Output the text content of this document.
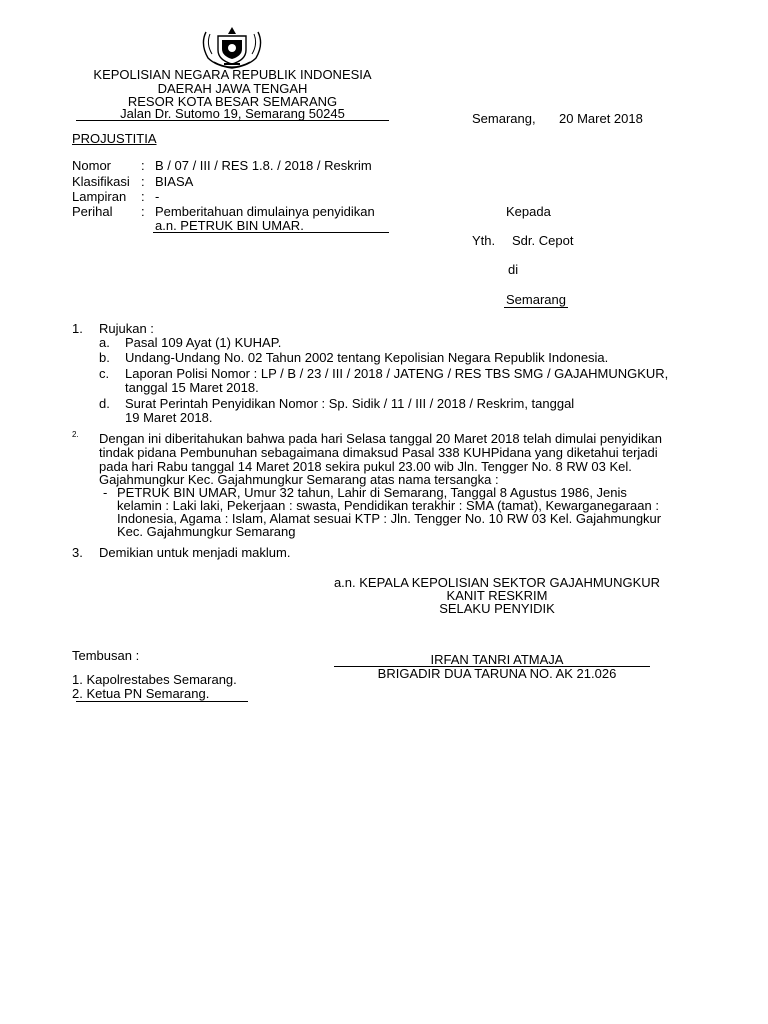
KEPOLISIAN NEGARA REPUBLIK INDONESIA
DAERAH JAWA TENGAH
RESOR KOTA BESAR SEMARANG
Jalan Dr. Sutomo 19, Semarang 50245	Semarang, 20 Maret 2018
PROJUSTITIA
Nomor : B / 07 / III / RES 1.8. / 2018 / Reskrim
Klasifikasi : BIASA
Lampiran : -
Perihal : Pemberitahuan dimulainya penyidikan
a.n. PETRUK BIN UMAR.
Kepada
Yth. Sdr. Cepot
di
Semarang
1. Rujukan :
a. Pasal 109 Ayat (1) KUHAP.
b. Undang-Undang No. 02 Tahun 2002 tentang Kepolisian Negara Republik Indonesia.
c. Laporan Polisi Nomor : LP / B / 23 / III / 2018 / JATENG / RES TBS SMG / GAJAHMUNGKUR,
tanggal 15 Maret 2018.
d. Surat Perintah Penyidikan Nomor : Sp. Sidik / 11 / III / 2018 / Reskrim, tanggal
19 Maret 2018.
2. Dengan ini diberitahukan bahwa pada hari Selasa tanggal 20 Maret 2018 telah dimulai penyidikan
tindak pidana Pembunuhan sebagaimana dimaksud Pasal 338 KUHPidana yang diketahui terjadi
pada hari Rabu tanggal 14 Maret 2018 sekira pukul 23.00 wib Jln. Tengger No. 8 RW 03 Kel.
Gajahmungkur Kec. Gajahmungkur Semarang atas nama tersangka :
- PETRUK BIN UMAR, Umur 32 tahun, Lahir di Semarang, Tanggal 8 Agustus 1986, Jenis
kelamin : Laki laki, Pekerjaan : swasta, Pendidikan terakhir : SMA (tamat), Kewarganegaraan :
Indonesia, Agama : Islam, Alamat sesuai KTP : Jln. Tengger No. 10 RW 03 Kel. Gajahmungkur
Kec. Gajahmungkur Semarang
3. Demikian untuk menjadi maklum.
a.n. KEPALA KEPOLISIAN SEKTOR GAJAHMUNGKUR
KANIT RESKRIM
SELAKU PENYIDIK
IRFAN TANRI ATMAJA
BRIGADIR DUA TARUNA NO. AK 21.026
Tembusan :
1. Kapolrestabes Semarang.
2. Ketua PN Semarang.
